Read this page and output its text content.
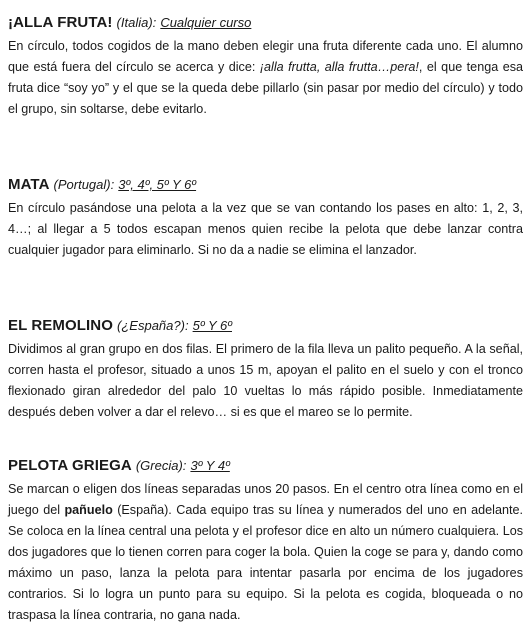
¡ALLA FRUTA! (Italia): Cualquier curso
En círculo, todos cogidos de la mano deben elegir una fruta diferente cada uno. El alumno que está fuera del círculo se acerca y dice: ¡alla frutta, alla frutta…pera!, el que tenga esa fruta dice “soy yo” y el que se la queda debe pillarlo (sin pasar por medio del círculo) y todo el grupo, sin soltarse, debe evitarlo.
MATA (Portugal): 3º, 4º, 5º Y 6º
En círculo pasándose una pelota a la vez que se van contando los pases en alto: 1, 2, 3, 4…; al llegar a 5 todos escapan menos quien recibe la pelota que debe lanzar contra cualquier jugador para eliminarlo. Si no da a nadie se elimina el lanzador.
EL REMOLINO (¿España?): 5º Y 6º
Dividimos al gran grupo en dos filas. El primero de la fila lleva un palito pequeño. A la señal, corren hasta el profesor, situado a unos 15 m, apoyan el palito en el suelo y con el tronco flexionado giran alrededor del palo 10 vueltas lo más rápido posible. Inmediatamente después deben volver a dar el relevo… si es que el mareo se lo permite.
PELOTA GRIEGA (Grecia): 3º Y 4º
Se marcan o eligen dos líneas separadas unos 20 pasos. En el centro otra línea como en el juego del pañuelo (España). Cada equipo tras su línea y numerados del uno en adelante. Se coloca en la línea central una pelota y el profesor dice en alto un número cualquiera. Los dos jugadores que lo tienen corren para coger la bola. Quien la coge se para y, dando como máximo un paso, lanza la pelota para intentar pasarla por encima de los jugadores contrarios. Si lo logra un punto para su equipo. Si la pelota es cogida, bloqueada o no traspasa la línea contraria, no gana nada.
